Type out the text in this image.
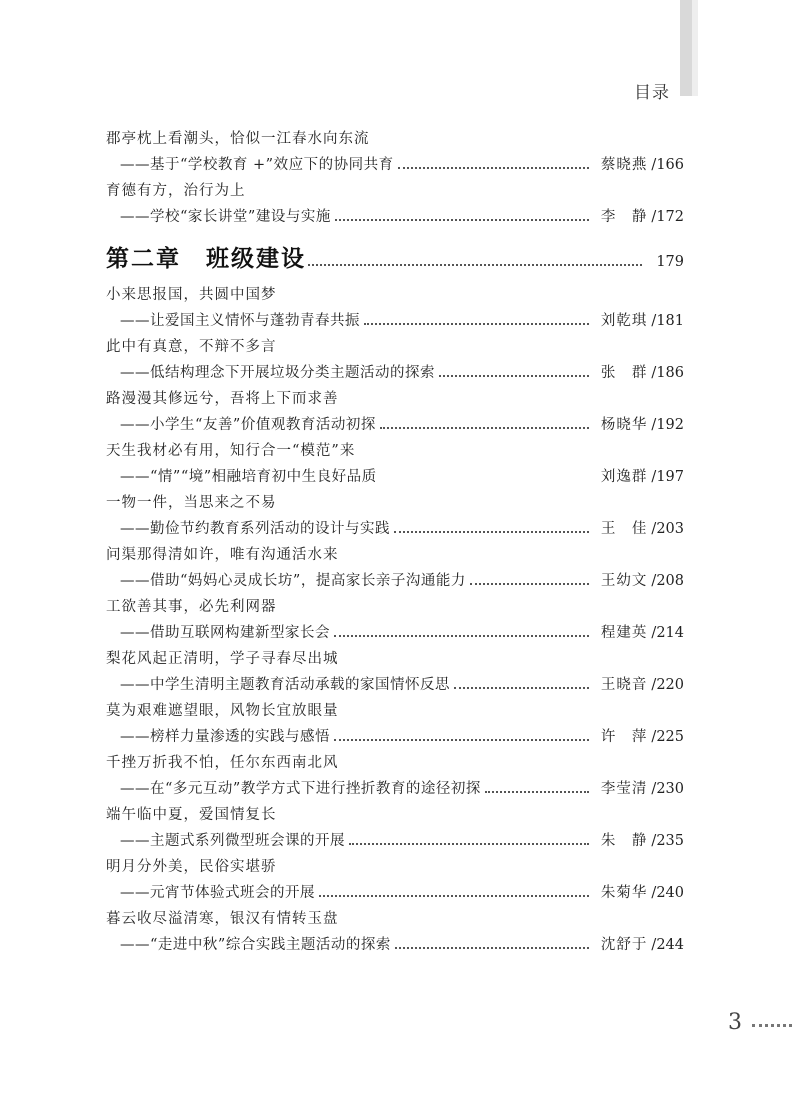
目录
郡亭枕上看潮头，恰似一江春水向东流
——基于“学校教育 +”效应下的协同共育	蔡晓燕 / 166
育德有方，治行为上
——学校“家长讲堂”建设与实施	李　静 / 172
第二章　班级建设	179
小来思报国，共圆中国梦
——让爱国主义情怀与蓬勃青春共振	刘乾琪 / 181
此中有真意，不辩不多言
——低结构理念下开展垃圾分类主题活动的探索	张　群 / 186
路漫漫其修远兮，吾将上下而求善
——小学生“友善”价值观教育活动初探	杨晓华 / 192
天生我材必有用，知行合一“模范”来
——“情”“境”相融培育初中生良好品质	刘逸群 / 197
一物一件，当思来之不易
——勤俭节约教育系列活动的设计与实践	王　佳 / 203
问渠那得清如许，唯有沟通活水来
——借助“妈妈心灵成长坊”，提高家长亲子沟通能力	王幼文 / 208
工欲善其事，必先利网器
——借助互联网构建新型家长会	程建英 / 214
梨花风起正清明，学子寻春尽出城
——中学生清明主题教育活动承载的家国情怀反思	王晓音 / 220
莫为艰难遮望眼，风物长宜放眼量
——榜样力量渗透的实践与感悟	许　萍 / 225
千挫万折我不怕，任尔东西南北风
——在“多元互动”教学方式下进行挫折教育的途径初探	李莹清 / 230
端午临中夏，爱国情复长
——主题式系列微型班会课的开展	朱　静 / 235
明月分外美，民俗实堪骄
——元宵节体验式班会的开展	朱菊华 / 240
暮云收尽溢清寒，银汉有情转玉盘
——“走进中秋”综合实践主题活动的探索	沈舒于 / 244
3
